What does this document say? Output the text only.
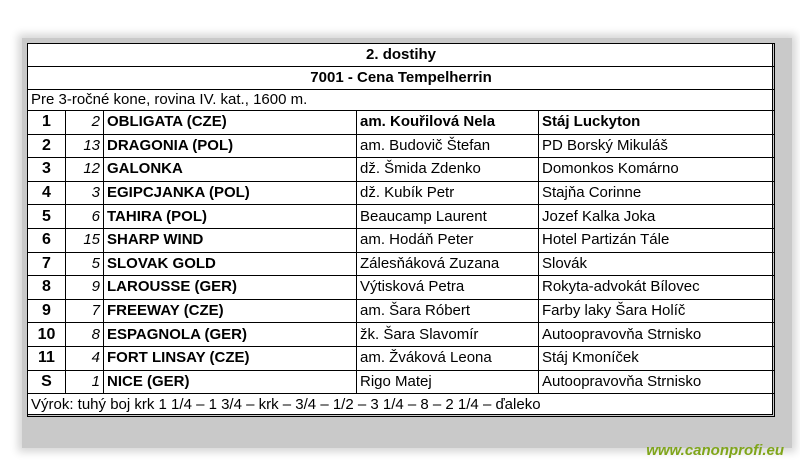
2. dostihy				
7001 - Cena Tempelherrin				
Pre 3-ročné kone, rovina IV. kat., 1600 m.				
1	2	OBLIGATA (CZE)	am. Kouřilová Nela	Stáj Luckyton
2	13	DRAGONIA (POL)	am. Budovič Štefan	PD Borský Mikuláš
3	12	GALONKA	dž. Šmida Zdenko	Domonkos Komárno
4	3	EGIPCJANKA (POL)	dž. Kubík Petr	Stajňa Corinne
5	6	TAHIRA (POL)	Beaucamp Laurent	Jozef Kalka Joka
6	15	SHARP WIND	am. Hodáň Peter	Hotel Partizán Tále
7	5	SLOVAK GOLD	Zálesňáková Zuzana	Slovák
8	9	LAROUSSE (GER)	Výtisková Petra	Rokyta-advokát Bílovec
9	7	FREEWAY (CZE)	am. Šara Róbert	Farby laky Šara Holíč
10	8	ESPAGNOLA (GER)	žk. Šara Slavomír	Autoopravovňa Strnisko
11	4	FORT LINSAY (CZE)	am. Žváková Leona	Stáj Kmoníček
S	1	NICE (GER)	Rigo Matej	Autoopravovňa Strnisko
Výrok: tuhý boj krk 1 1/4 – 1 3/4 – krk – 3/4 – 1/2 – 3 1/4 – 8 – 2 1/4 – ďaleko				
www.canonprofi.eu
